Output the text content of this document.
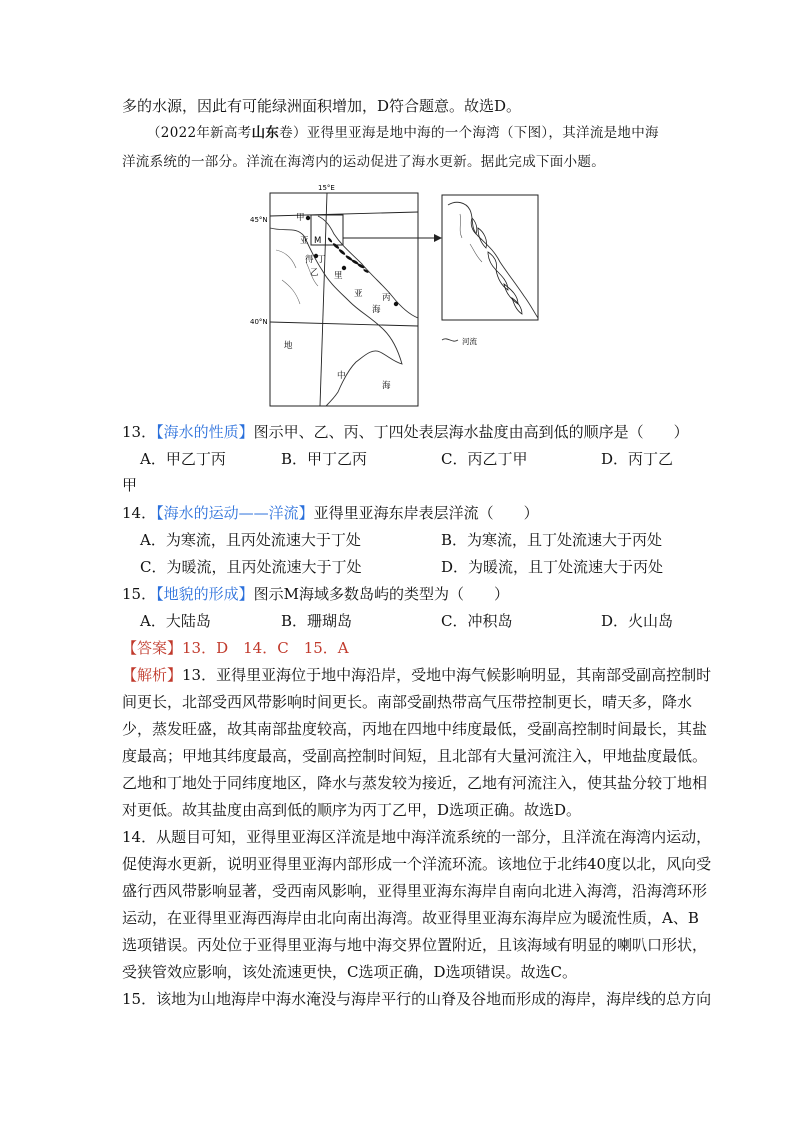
多的水源，因此有可能绿洲面积增加，D符合题意。故选D。
（2022年新高考山东卷）亚得里亚海是地中海的一个海湾（下图），其洋流是地中海
洋流系统的一部分。洋流在海湾内的运动促进了海水更新。据此完成下面小题。
15°E
45°N
40°N
甲
亚 M
得 丁
乙 里
亚
海
丙
地
中
海
河流
13．【海水的性质】图示甲、乙、丙、丁四处表层海水盐度由高到低的顺序是（　　）
A．甲乙丁丙	B．甲丁乙丙	C．丙乙丁甲	D．丙丁乙
甲
14．【海水的运动——洋流】亚得里亚海东岸表层洋流（　　）
A．为寒流，且丙处流速大于丁处	B．为寒流，且丁处流速大于丙处
C．为暖流，且丙处流速大于丁处	D．为暖流，且丁处流速大于丙处
15．【地貌的形成】图示M海域多数岛屿的类型为（　　）
A．大陆岛	B．珊瑚岛	C．冲积岛	D．火山岛
【答案】13．D　14．C　15．A
【解析】13．亚得里亚海位于地中海沿岸，受地中海气候影响明显，其南部受副高控制时
间更长，北部受西风带影响时间更长。南部受副热带高气压带控制更长，晴天多，降水
少，蒸发旺盛，故其南部盐度较高，丙地在四地中纬度最低，受副高控制时间最长，其盐
度最高；甲地其纬度最高，受副高控制时间短，且北部有大量河流注入，甲地盐度最低。
乙地和丁地处于同纬度地区，降水与蒸发较为接近，乙地有河流注入，使其盐分较丁地相
对更低。故其盐度由高到低的顺序为丙丁乙甲，D选项正确。故选D。
14．从题目可知，亚得里亚海区洋流是地中海洋流系统的一部分，且洋流在海湾内运动，
促使海水更新，说明亚得里亚海内部形成一个洋流环流。该地位于北纬40度以北，风向受
盛行西风带影响显著，受西南风影响，亚得里亚海东海岸自南向北进入海湾，沿海湾环形
运动，在亚得里亚海西海岸由北向南出海湾。故亚得里亚海东海岸应为暖流性质，A、B
选项错误。丙处位于亚得里亚海与地中海交界位置附近，且该海域有明显的喇叭口形状，
受狭管效应影响，该处流速更快，C选项正确，D选项错误。故选C。
15．该地为山地海岸中海水淹没与海岸平行的山脊及谷地而形成的海岸，海岸线的总方向
